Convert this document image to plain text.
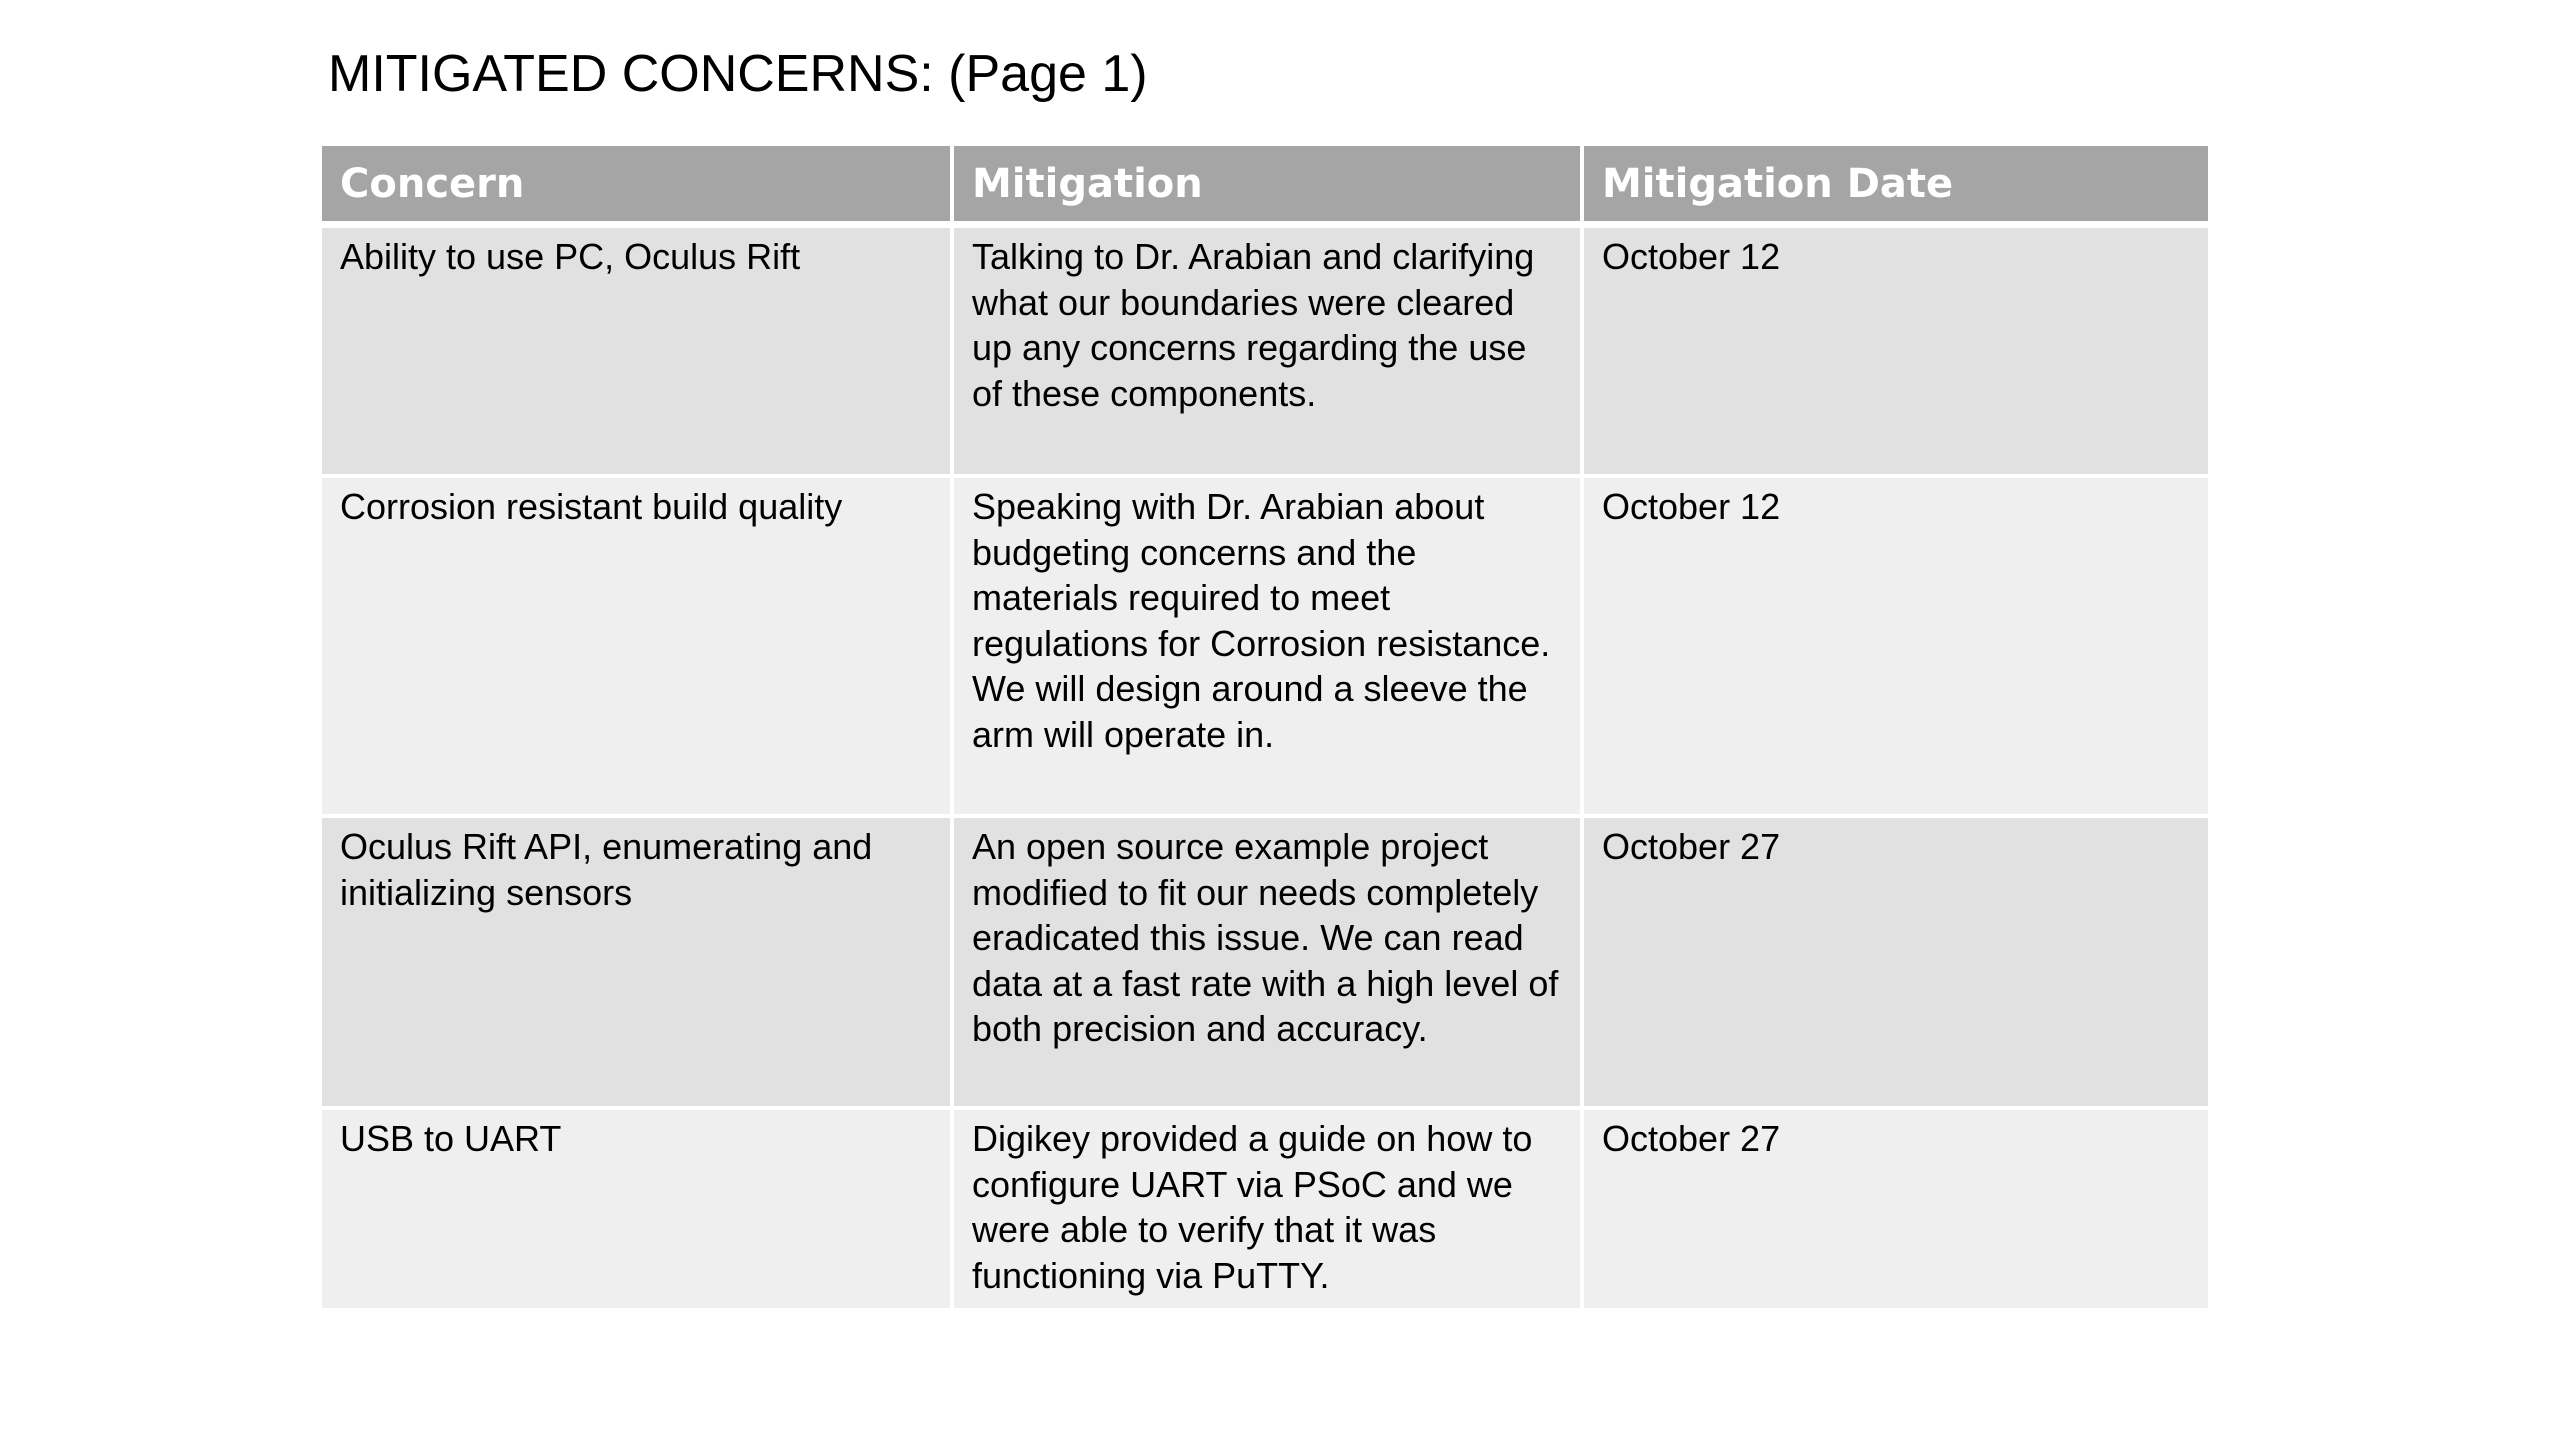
MITIGATED CONCERNS: (Page 1)
Concern	Mitigation	Mitigation Date
Ability to use PC, Oculus Rift	Talking to Dr. Arabian and clarifying what our boundaries were cleared up any concerns regarding the use of these components.	October 12
Corrosion resistant build quality	Speaking with Dr. Arabian about budgeting concerns and the materials required to meet regulations for Corrosion resistance. We will design around a sleeve the arm will operate in.	October 12
Oculus Rift API, enumerating and initializing sensors	An open source example project modified to fit our needs completely eradicated this issue. We can read data at a fast rate with a high level of both precision and accuracy.	October 27
USB to UART	Digikey provided a guide on how to configure UART via PSoC and we were able to verify that it was functioning via PuTTY.	October 27
